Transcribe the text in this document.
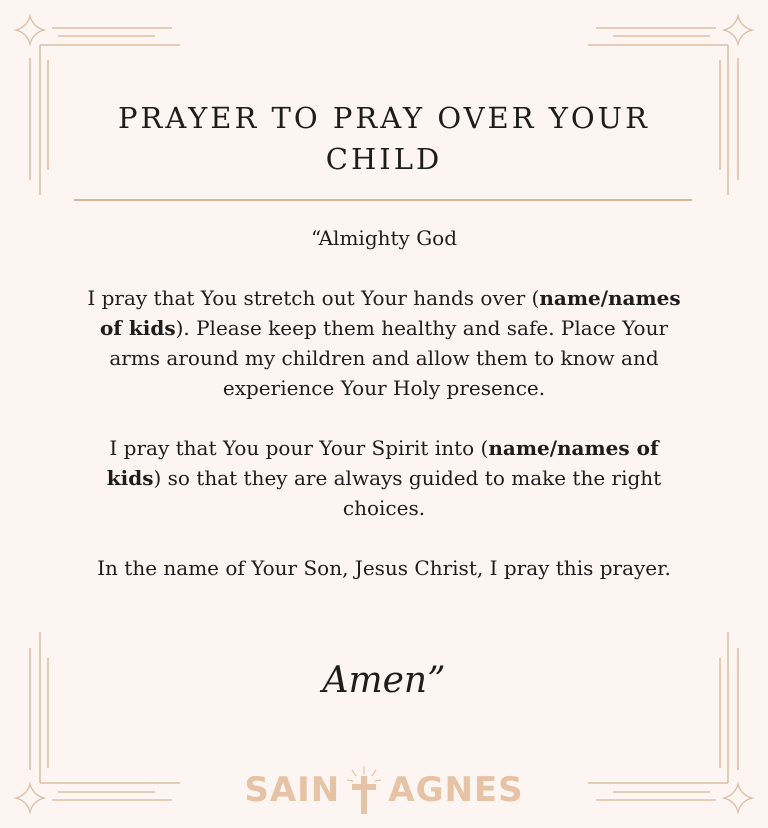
PRAYER TO PRAY OVER YOUR CHILD

“Almighty God

I pray that You stretch out Your hands over (name/names of kids). Please keep them healthy and safe. Place Your arms around my children and allow them to know and experience Your Holy presence.

I pray that You pour Your Spirit into (name/names of kids) so that they are always guided to make the right choices.

In the name of Your Son, Jesus Christ, I pray this prayer.

Amen”
SAIN AGNES
